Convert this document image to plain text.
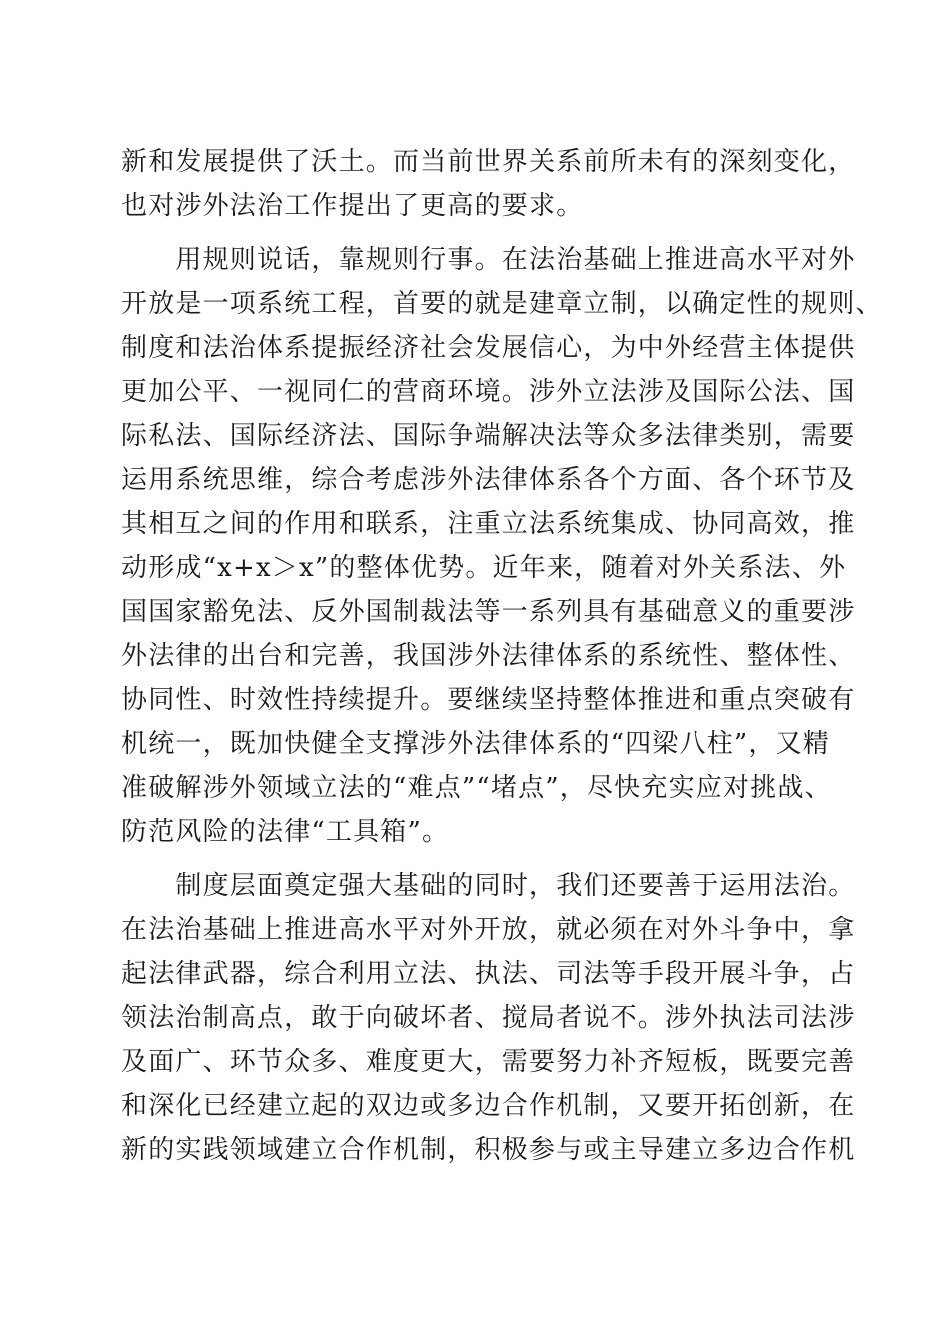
新和发展提供了沃土。而当前世界关系前所未有的深刻变化，
也对涉外法治工作提出了更高的要求。
　　用规则说话，靠规则行事。在法治基础上推进高水平对外
开放是一项系统工程，首要的就是建章立制，以确定性的规则、
制度和法治体系提振经济社会发展信心，为中外经营主体提供
更加公平、一视同仁的营商环境。涉外立法涉及国际公法、国
际私法、国际经济法、国际争端解决法等众多法律类别，需要
运用系统思维，综合考虑涉外法律体系各个方面、各个环节及
其相互之间的作用和联系，注重立法系统集成、协同高效，推
动形成“x+x＞x”的整体优势。近年来，随着对外关系法、外
国国家豁免法、反外国制裁法等一系列具有基础意义的重要涉
外法律的出台和完善，我国涉外法律体系的系统性、整体性、
协同性、时效性持续提升。要继续坚持整体推进和重点突破有
机统一，既加快健全支撑涉外法律体系的“四梁八柱”，又精
准破解涉外领域立法的“难点”“堵点”，尽快充实应对挑战、
防范风险的法律“工具箱”。
　　制度层面奠定强大基础的同时，我们还要善于运用法治。
在法治基础上推进高水平对外开放，就必须在对外斗争中，拿
起法律武器，综合利用立法、执法、司法等手段开展斗争，占
领法治制高点，敢于向破坏者、搅局者说不。涉外执法司法涉
及面广、环节众多、难度更大，需要努力补齐短板，既要完善
和深化已经建立起的双边或多边合作机制，又要开拓创新，在
新的实践领域建立合作机制，积极参与或主导建立多边合作机
